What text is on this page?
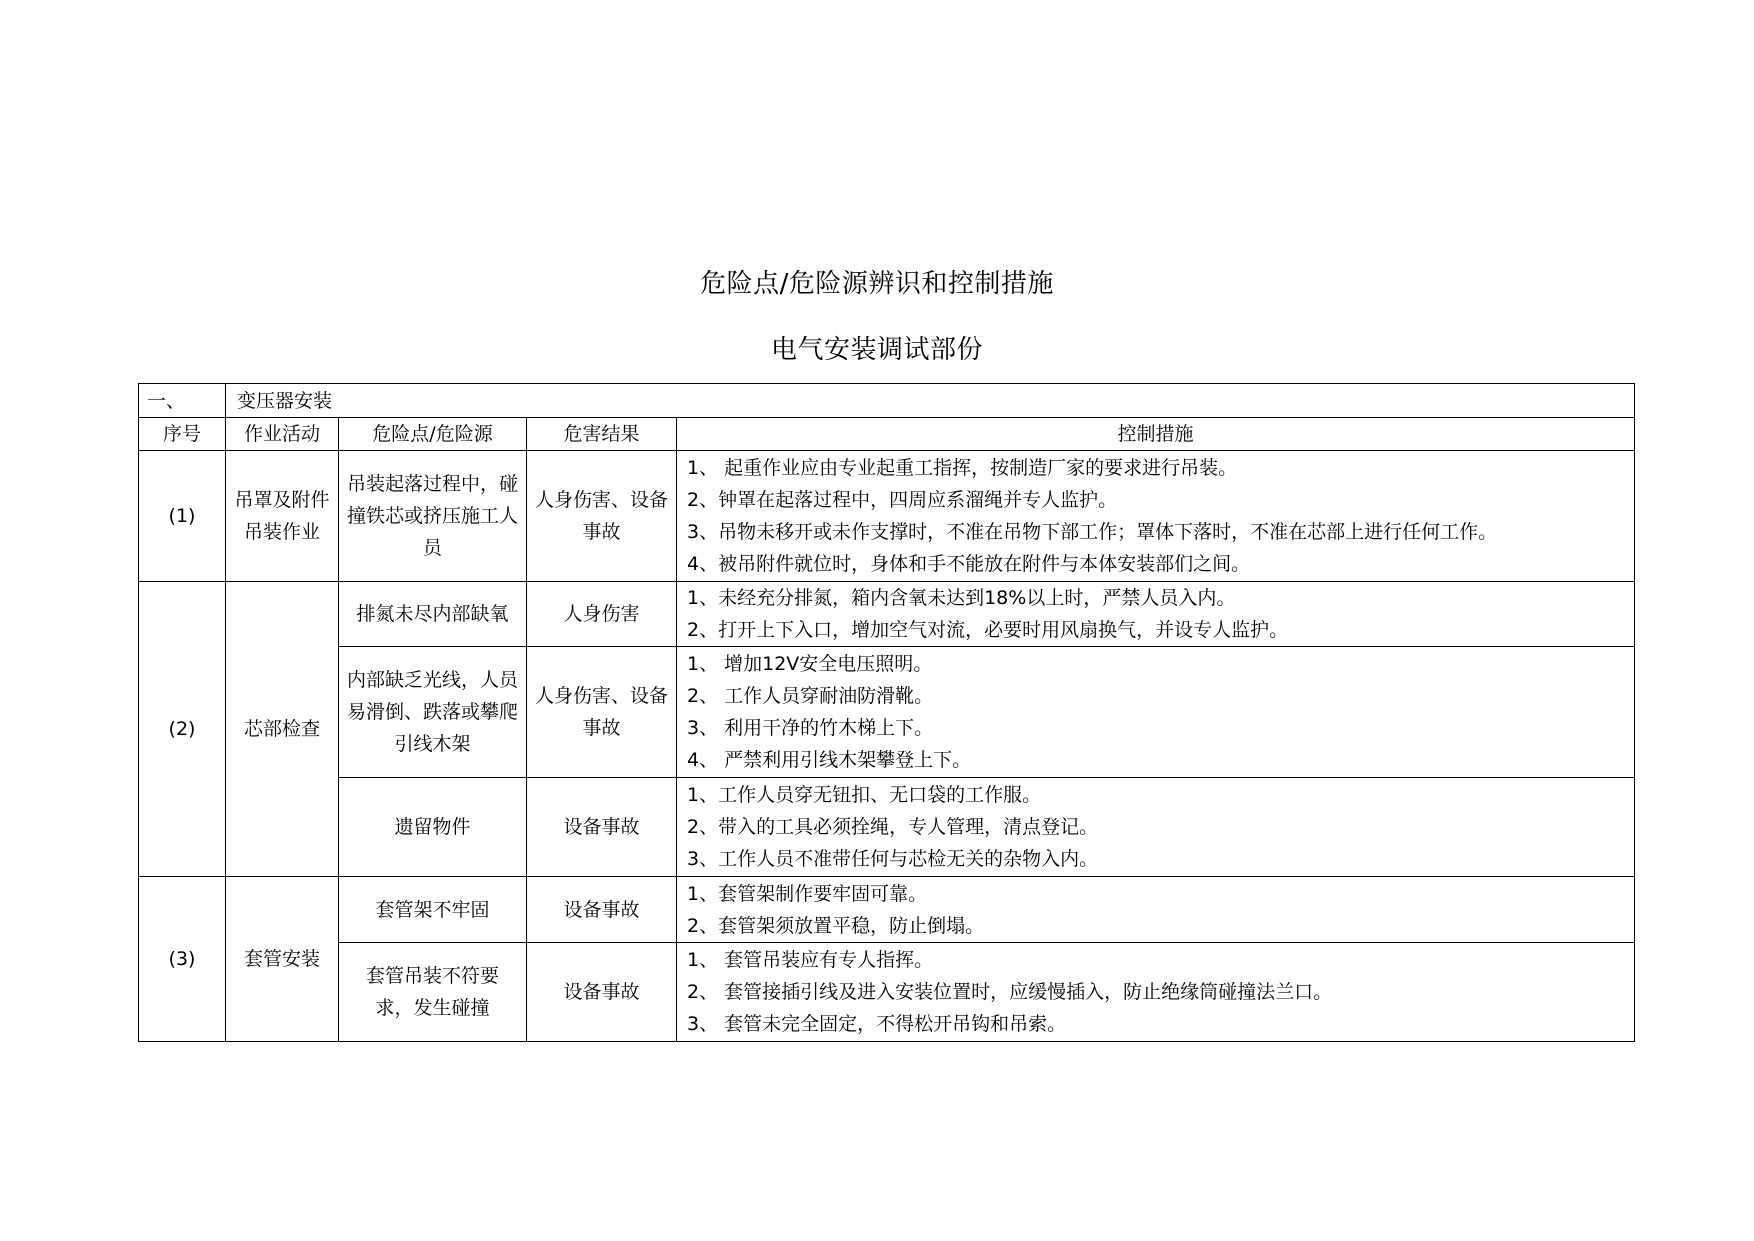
危险点/危险源辨识和控制措施
电气安装调试部份
一、	变压器安装			
序号	作业活动	危险点/危险源	危害结果	控制措施
(1)	吊罩及附件吊装作业	吊装起落过程中，碰撞铁芯或挤压施工人员	人身伤害、设备事故	1、 起重作业应由专业起重工指挥，按制造厂家的要求进行吊装。
2、钟罩在起落过程中，四周应系溜绳并专人监护。
3、吊物未移开或未作支撑时，不准在吊物下部工作；罩体下落时，不准在芯部上进行任何工作。
4、被吊附件就位时，身体和手不能放在附件与本体安装部们之间。

(2)	芯部检查	排氮未尽内部缺氧	人身伤害	1、未经充分排氮，箱内含氧未达到18%以上时，严禁人员入内。
2、打开上下入口，增加空气对流，必要时用风扇换气，并设专人监护。

		内部缺乏光线，人员易滑倒、跌落或攀爬引线木架	人身伤害、设备事故	1、 增加12V安全电压照明。
2、 工作人员穿耐油防滑靴。
3、 利用干净的竹木梯上下。
4、 严禁利用引线木架攀登上下。

		遗留物件	设备事故	1、工作人员穿无钮扣、无口袋的工作服。
2、带入的工具必须拴绳，专人管理，清点登记。
3、工作人员不准带任何与芯检无关的杂物入内。

(3)	套管安装	套管架不牢固	设备事故	1、套管架制作要牢固可靠。
2、套管架须放置平稳，防止倒塌。

		套管吊装不符要求，发生碰撞	设备事故	1、 套管吊装应有专人指挥。
2、 套管接插引线及进入安装位置时，应缓慢插入，防止绝缘筒碰撞法兰口。
3、 套管未完全固定，不得松开吊钩和吊索。
